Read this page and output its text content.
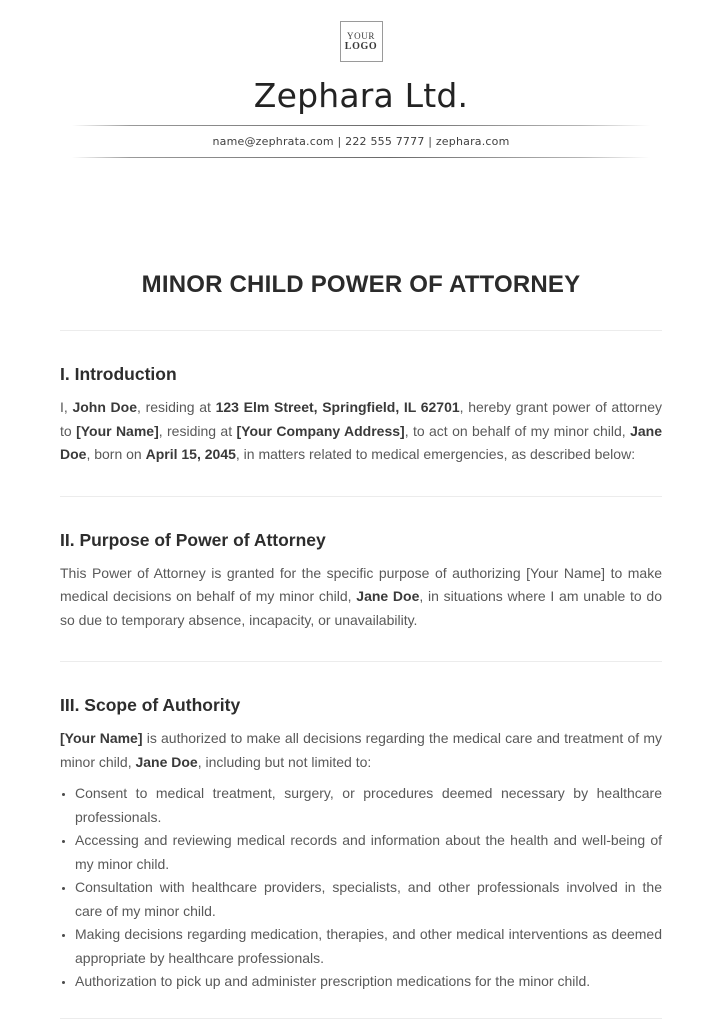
YOUR
LOGO
Zephara Ltd.
name@zephrata.com | 222 555 7777 | zephara.com
MINOR CHILD POWER OF ATTORNEY
I. Introduction

I, John Doe, residing at 123 Elm Street, Springfield, IL 62701, hereby grant power of attorney to [Your Name], residing at [Your Company Address], to act on behalf of my minor child, Jane Doe, born on April 15, 2045, in matters related to medical emergencies, as described below:

II. Purpose of Power of Attorney

This Power of Attorney is granted for the specific purpose of authorizing [Your Name] to make medical decisions on behalf of my minor child, Jane Doe, in situations where I am unable to do so due to temporary absence, incapacity, or unavailability.

III. Scope of Authority

[Your Name] is authorized to make all decisions regarding the medical care and treatment of my minor child, Jane Doe, including but not limited to:

• Consent to medical treatment, surgery, or procedures deemed necessary by healthcare professionals.
• Accessing and reviewing medical records and information about the health and well-being of my minor child.
• Consultation with healthcare providers, specialists, and other professionals involved in the care of my minor child.
• Making decisions regarding medication, therapies, and other medical interventions as deemed appropriate by healthcare professionals.
• Authorization to pick up and administer prescription medications for the minor child.
